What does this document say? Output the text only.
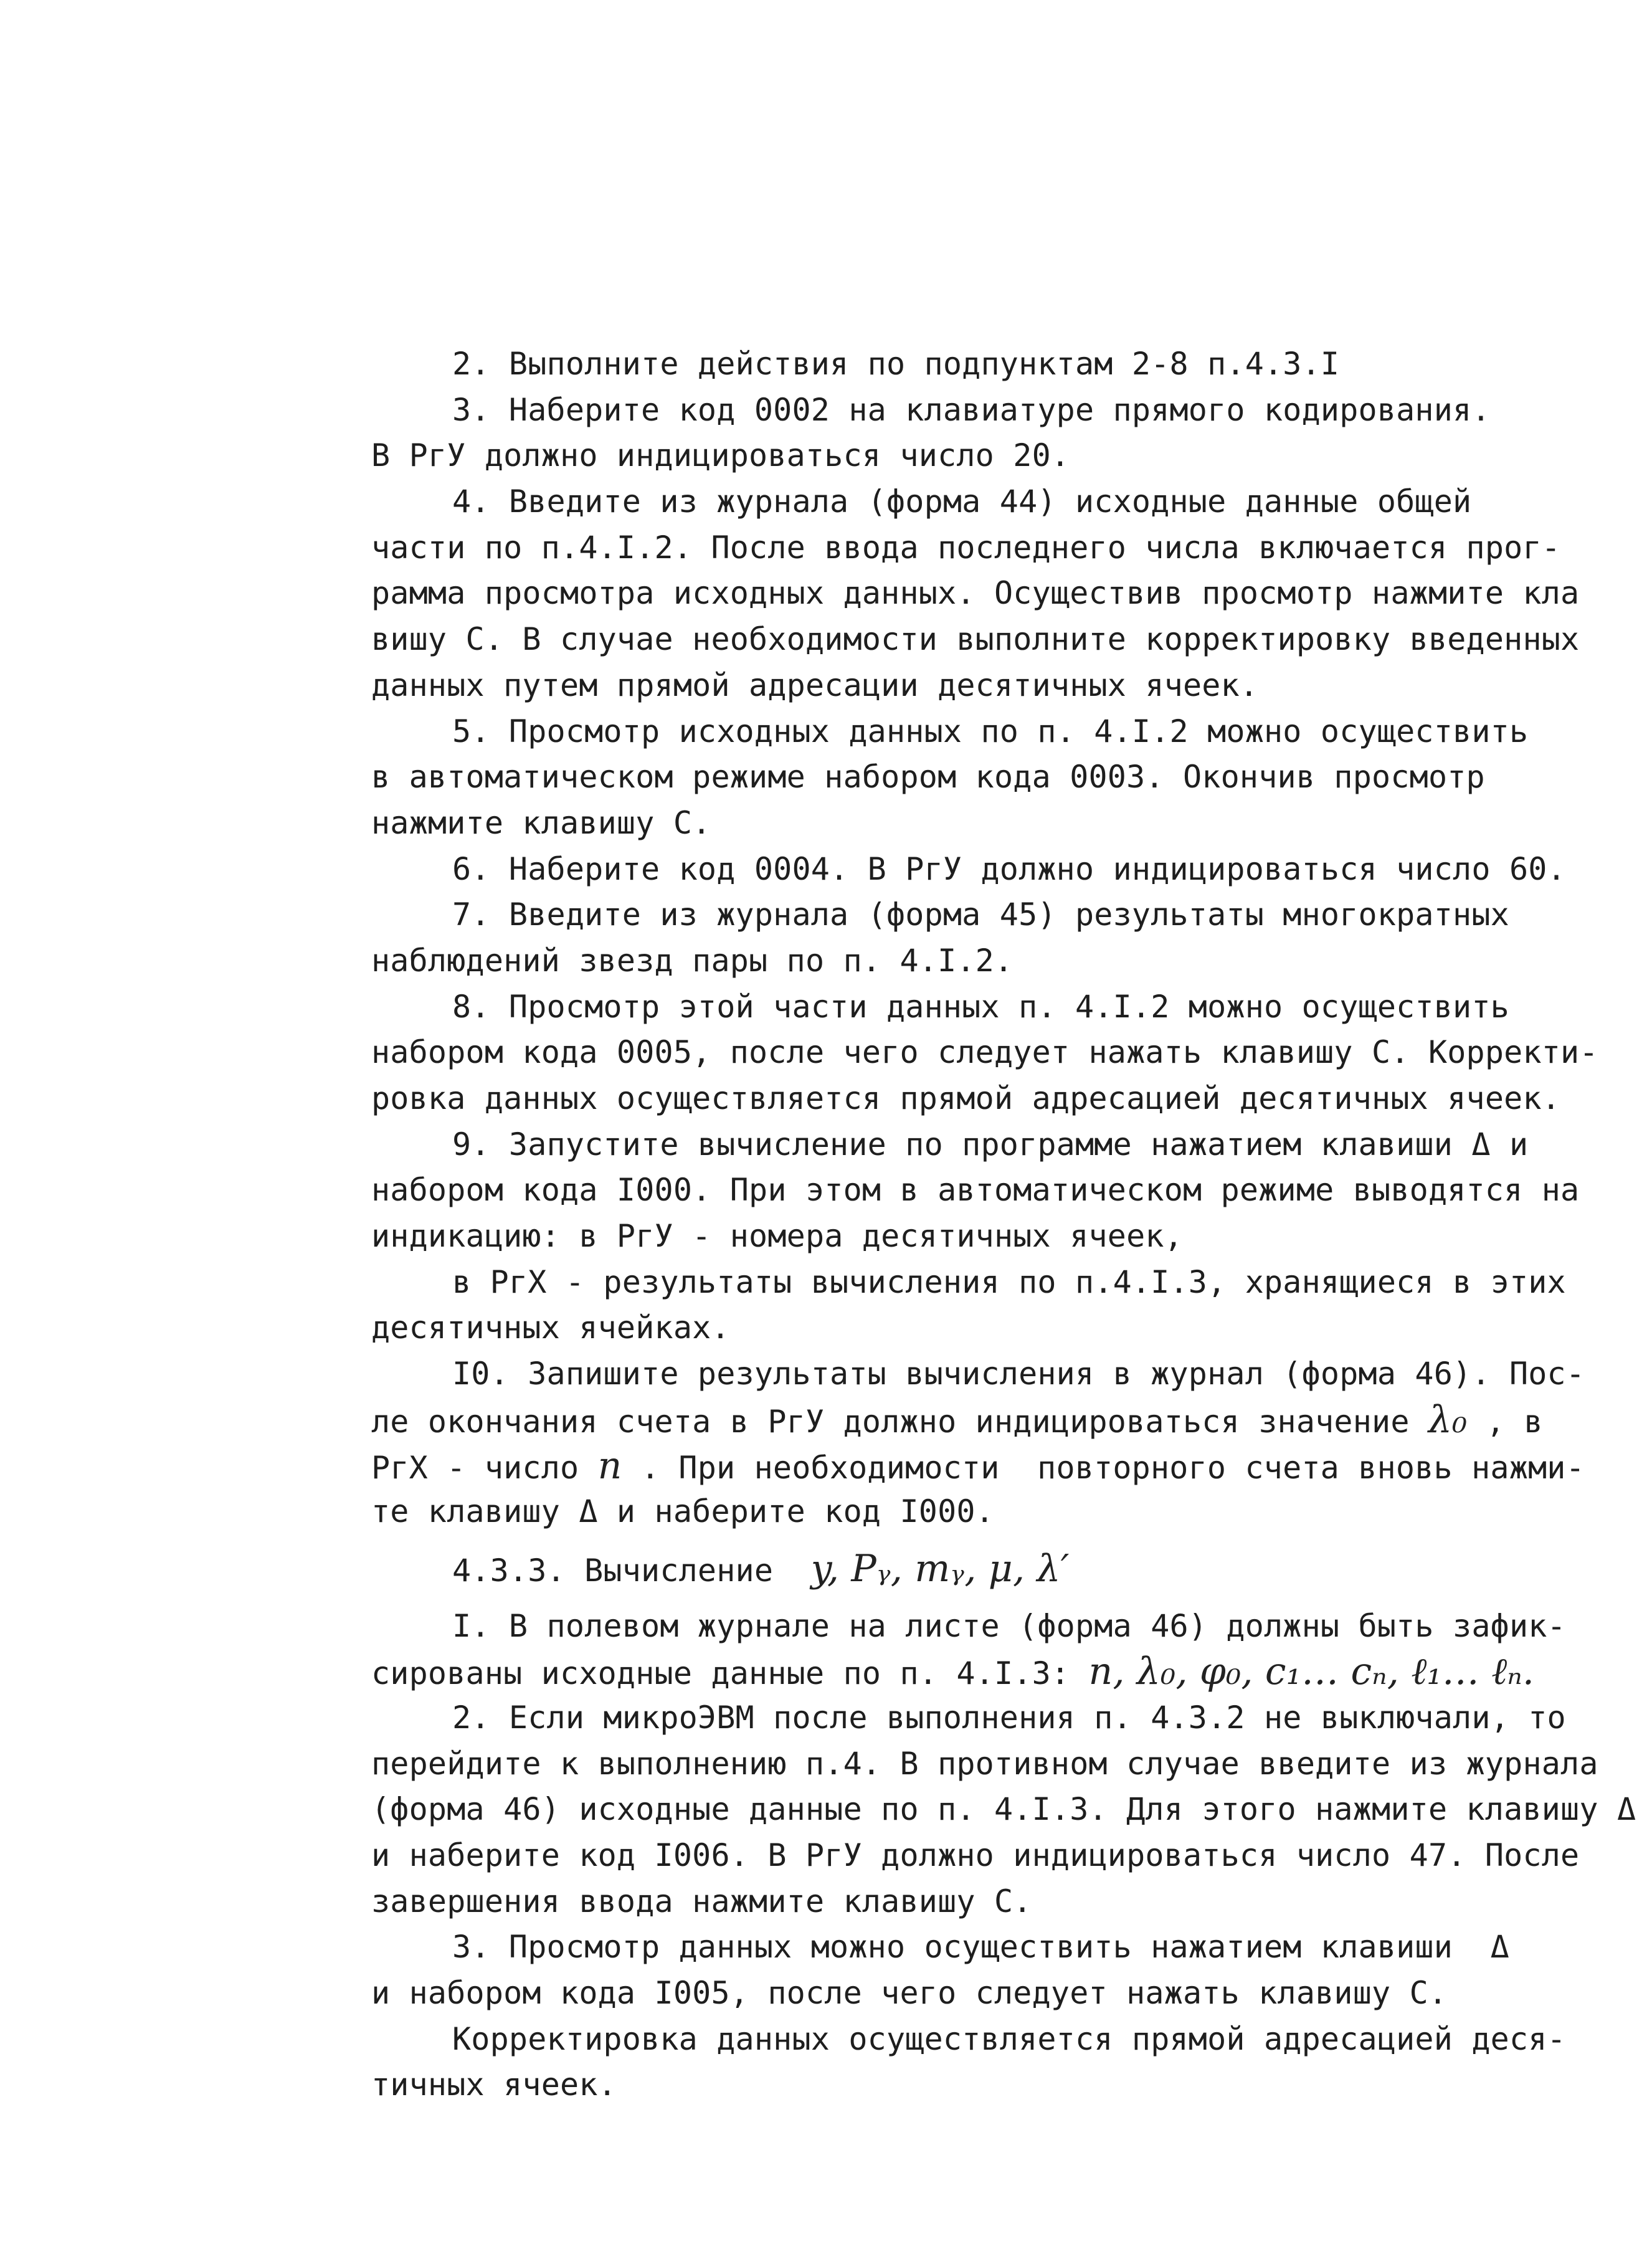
2. Выполните действия по подпунктам 2-8 п.4.3.I
3. Наберите код 0002 на клавиатуре прямого кодирования.
В РгУ должно индицироваться число 20.
4. Введите из журнала (форма 44) исходные данные общей
части по п.4.I.2. После ввода последнего числа включается прог-
рамма просмотра исходных данных. Осуществив просмотр нажмите кла
вишу С. В случае необходимости выполните корректировку введенных
данных путем прямой адресации десятичных ячеек.
5. Просмотр исходных данных по п. 4.I.2 можно осуществить
в автоматическом режиме набором кода 0003. Окончив просмотр
нажмите клавишу С.
6. Наберите код 0004. В РгУ должно индицироваться число 60.
7. Введите из журнала (форма 45) результаты многократных
наблюдений звезд пары по п. 4.I.2.
8. Просмотр этой части данных п. 4.I.2 можно осуществить
набором кода 0005, после чего следует нажать клавишу С. Корректи-
ровка данных осуществляется прямой адресацией десятичных ячеек.
9. Запустите вычисление по программе нажатием клавиши Δ и
набором кода I000. При этом в автоматическом режиме выводятся на
индикацию: в РгУ - номера десятичных ячеек,
в РгХ - результаты вычисления по п.4.I.3, хранящиеся в этих
десятичных ячейках.
I0. Запишите результаты вычисления в журнал (форма 46). Пос-
ле окончания счета в РгУ должно индицироваться значение λ₀ , в
РгХ - число n . При необходимости  повторного счета вновь нажми-
те клавишу Δ и наберите код I000.
4.3.3. Вычисление  y, Pᵧ, mᵧ, μ, λ′
I. В полевом журнале на листе (форма 46) должны быть зафик-
сированы исходные данные по п. 4.I.3: n, λ₀, φ₀, c₁… cₙ, ℓ₁… ℓₙ.
2. Если микроЭВМ после выполнения п. 4.3.2 не выключали, то
перейдите к выполнению п.4. В противном случае введите из журнала
(форма 46) исходные данные по п. 4.I.3. Для этого нажмите клавишу Δ
и наберите код I006. В РгУ должно индицироваться число 47. После
завершения ввода нажмите клавишу С.
3. Просмотр данных можно осуществить нажатием клавиши  Δ
и набором кода I005, после чего следует нажать клавишу С.
Корректировка данных осуществляется прямой адресацией деся-
тичных ячеек.
